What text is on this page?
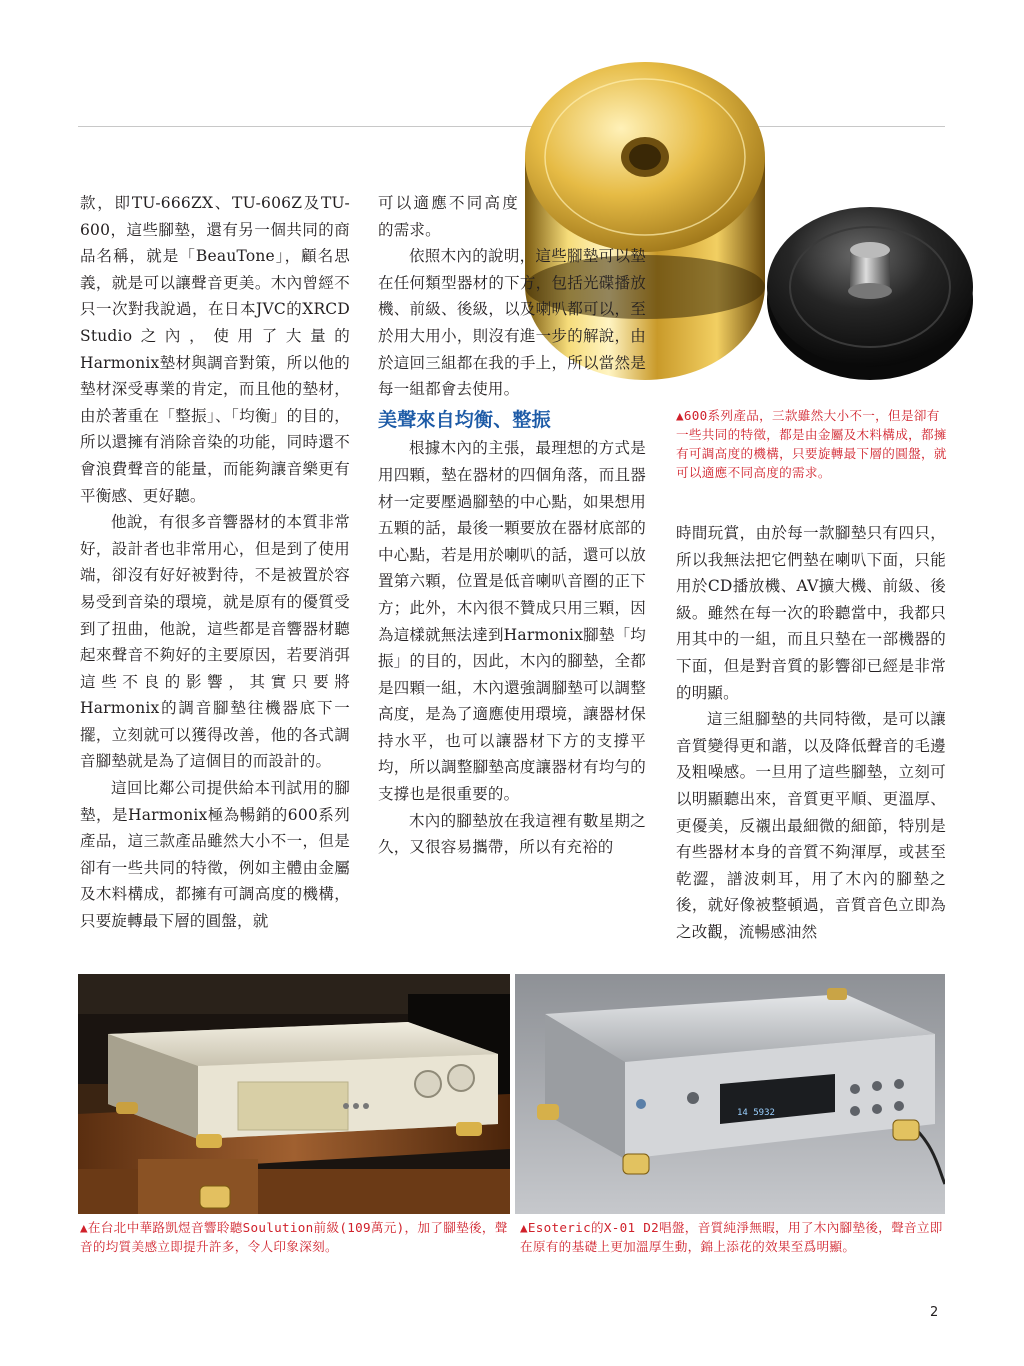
款，即TU-666ZX、TU-606Z及TU-600，這些腳墊，還有另一個共同的商品名稱，就是「BeauTone」，顧名思義，就是可以讓聲音更美。木內曾經不只一次對我說過，在日本JVC的XRCD Studio之內，使用了大量的Harmonix墊材與調音對策，所以他的墊材深受專業的肯定，而且他的墊材，由於著重在「整振」、「均衡」的目的，所以還擁有消除音染的功能，同時還不會浪費聲音的能量，而能夠讓音樂更有平衡感、更好聽。

他說，有很多音響器材的本質非常好，設計者也非常用心，但是到了使用端，卻沒有好好被對待，不是被置於容易受到音染的環境，就是原有的優質受到了扭曲，他說，這些都是音響器材聽起來聲音不夠好的主要原因，若要消弭這些不良的影響，其實只要將Harmonix的調音腳墊往機器底下一擺，立刻就可以獲得改善，他的各式調音腳墊就是為了這個目的而設計的。

這回比鄰公司提供給本刊試用的腳墊，是Harmonix極為暢銷的600系列產品，這三款產品雖然大小不一，但是卻有一些共同的特徵，例如主體由金屬及木料構成，都擁有可調高度的機構，只要旋轉最下層的圓盤，就

可以適應不同高度的需求。

依照木內的說明，這些腳墊可以墊在任何類型器材的下方，包括光碟播放機、前級、後級，以及喇叭都可以，至於用大用小，則沒有進一步的解說，由於這回三組都在我的手上，所以當然是每一組都會去使用。

美聲來自均衡、整振

根據木內的主張，最理想的方式是用四顆，墊在器材的四個角落，而且器材一定要壓過腳墊的中心點，如果想用五顆的話，最後一顆要放在器材底部的中心點，若是用於喇叭的話，還可以放置第六顆，位置是低音喇叭音圈的正下方；此外，木內很不贊成只用三顆，因為這樣就無法達到Harmonix腳墊「均振」的目的，因此，木內的腳墊，全都是四顆一組，木內還強調腳墊可以調整高度，是為了適應使用環境，讓器材保持水平，也可以讓器材下方的支撐平均，所以調整腳墊高度讓器材有均勻的支撐也是很重要的。

木內的腳墊放在我這裡有數星期之久，又很容易攜帶，所以有充裕的

▲600系列產品，三款雖然大小不一，但是卻有一些共同的特徵，都是由金屬及木料構成，都擁有可調高度的機構，只要旋轉最下層的圓盤，就可以適應不同高度的需求。

時間玩賞，由於每一款腳墊只有四只，所以我無法把它們墊在喇叭下面，只能用於CD播放機、AV擴大機、前級、後級。雖然在每一次的聆聽當中，我都只用其中的一組，而且只墊在一部機器的下面，但是對音質的影響卻已經是非常的明顯。

這三組腳墊的共同特徵，是可以讓音質變得更和諧，以及降低聲音的毛邊及粗噪感。一旦用了這些腳墊，立刻可以明顯聽出來，音質更平順、更溫厚、更優美，反襯出最細微的細節，特別是有些器材本身的音質不夠渾厚，或甚至乾澀，譜波刺耳，用了木內的腳墊之後，就好像被整頓過，音質音色立即為之改觀，流暢感油然

14 5932
▲在台北中華路凱煜音響聆聽Soulution前級(109萬元)，加了腳墊後，聲音的均質美感立即提升許多，令人印象深刻。
▲Esoteric的X-01 D2唱盤，音質純淨無暇，用了木內腳墊後，聲音立即在原有的基礎上更加溫厚生動，錦上添花的效果至爲明顯。
2
